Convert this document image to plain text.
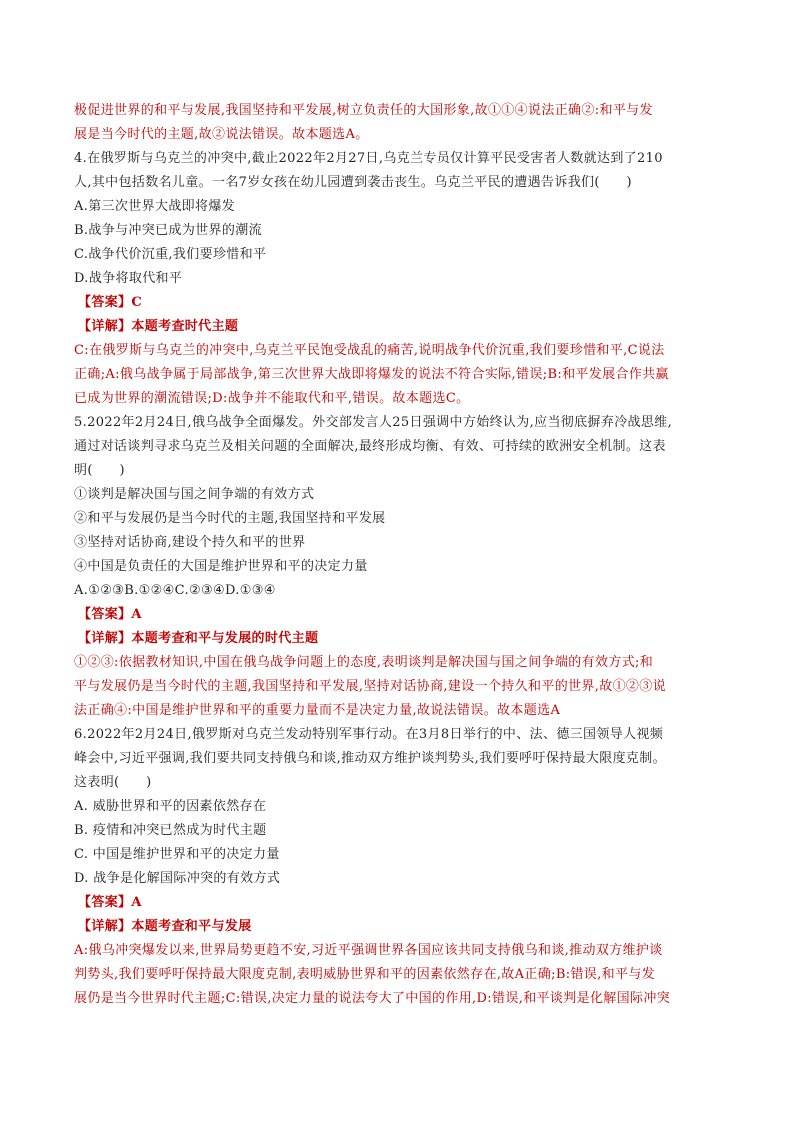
极促进世界的和平与发展,我国坚持和平发展,树立负责任的大国形象,故①①④说法正确②:和平与发
展是当今时代的主题,故②说法错误。故本题选A。
4.在俄罗斯与乌克兰的冲突中,截止2022年2月27日,乌克兰专员仅计算平民受害者人数就达到了210
人,其中包括数名儿童。一名7岁女孩在幼儿园遭到袭击丧生。乌克兰平民的遭遇告诉我们(　　)
A.第三次世界大战即将爆发
B.战争与冲突已成为世界的潮流
C.战争代价沉重,我们要珍惜和平
D.战争将取代和平
【答案】C
【详解】本题考查时代主题
C:在俄罗斯与乌克兰的冲突中,乌克兰平民饱受战乱的痛苦,说明战争代价沉重,我们要珍惜和平,C说法
正确;A:俄乌战争属于局部战争,第三次世界大战即将爆发的说法不符合实际,错误;B:和平发展合作共赢
已成为世界的潮流错误;D:战争并不能取代和平,错误。故本题选C。
5.2022年2月24日,俄乌战争全面爆发。外交部发言人25日强调中方始终认为,应当彻底摒弃冷战思维,
通过对话谈判寻求乌克兰及相关问题的全面解决,最终形成均衡、有效、可持续的欧洲安全机制。这表
明(　　)
①谈判是解决国与国之间争端的有效方式
②和平与发展仍是当今时代的主题,我国坚持和平发展
③坚持对话协商,建设个持久和平的世界
④中国是负责任的大国是维护世界和平的决定力量
A.①②③B.①②④C.②③④D.①③④
【答案】A
【详解】本题考查和平与发展的时代主题
①②③:依据教材知识,中国在俄乌战争问题上的态度,表明谈判是解决国与国之间争端的有效方式;和
平与发展仍是当今时代的主题,我国坚持和平发展,坚持对话协商,建设一个持久和平的世界,故①②③说
法正确④:中国是维护世界和平的重要力量而不是决定力量,故说法错误。故本题选A
6.2022年2月24日,俄罗斯对乌克兰发动特别军事行动。在3月8日举行的中、法、德三国领导人视频
峰会中,习近平强调,我们要共同支持俄乌和谈,推动双方维护谈判势头,我们要呼吁保持最大限度克制。
这表明(　　)
A. 威胁世界和平的因素依然存在
B. 疫情和冲突已然成为时代主题
C. 中国是维护世界和平的决定力量
D. 战争是化解国际冲突的有效方式
【答案】A
【详解】本题考查和平与发展
A:俄乌冲突爆发以来,世界局势更趋不安,习近平强调世界各国应该共同支持俄乌和谈,推动双方维护谈
判势头,我们要呼吁保持最大限度克制,表明威胁世界和平的因素依然存在,故A正确;B:错误,和平与发
展仍是当今世界时代主题;C:错误,决定力量的说法夸大了中国的作用,D:错误,和平谈判是化解国际冲突
